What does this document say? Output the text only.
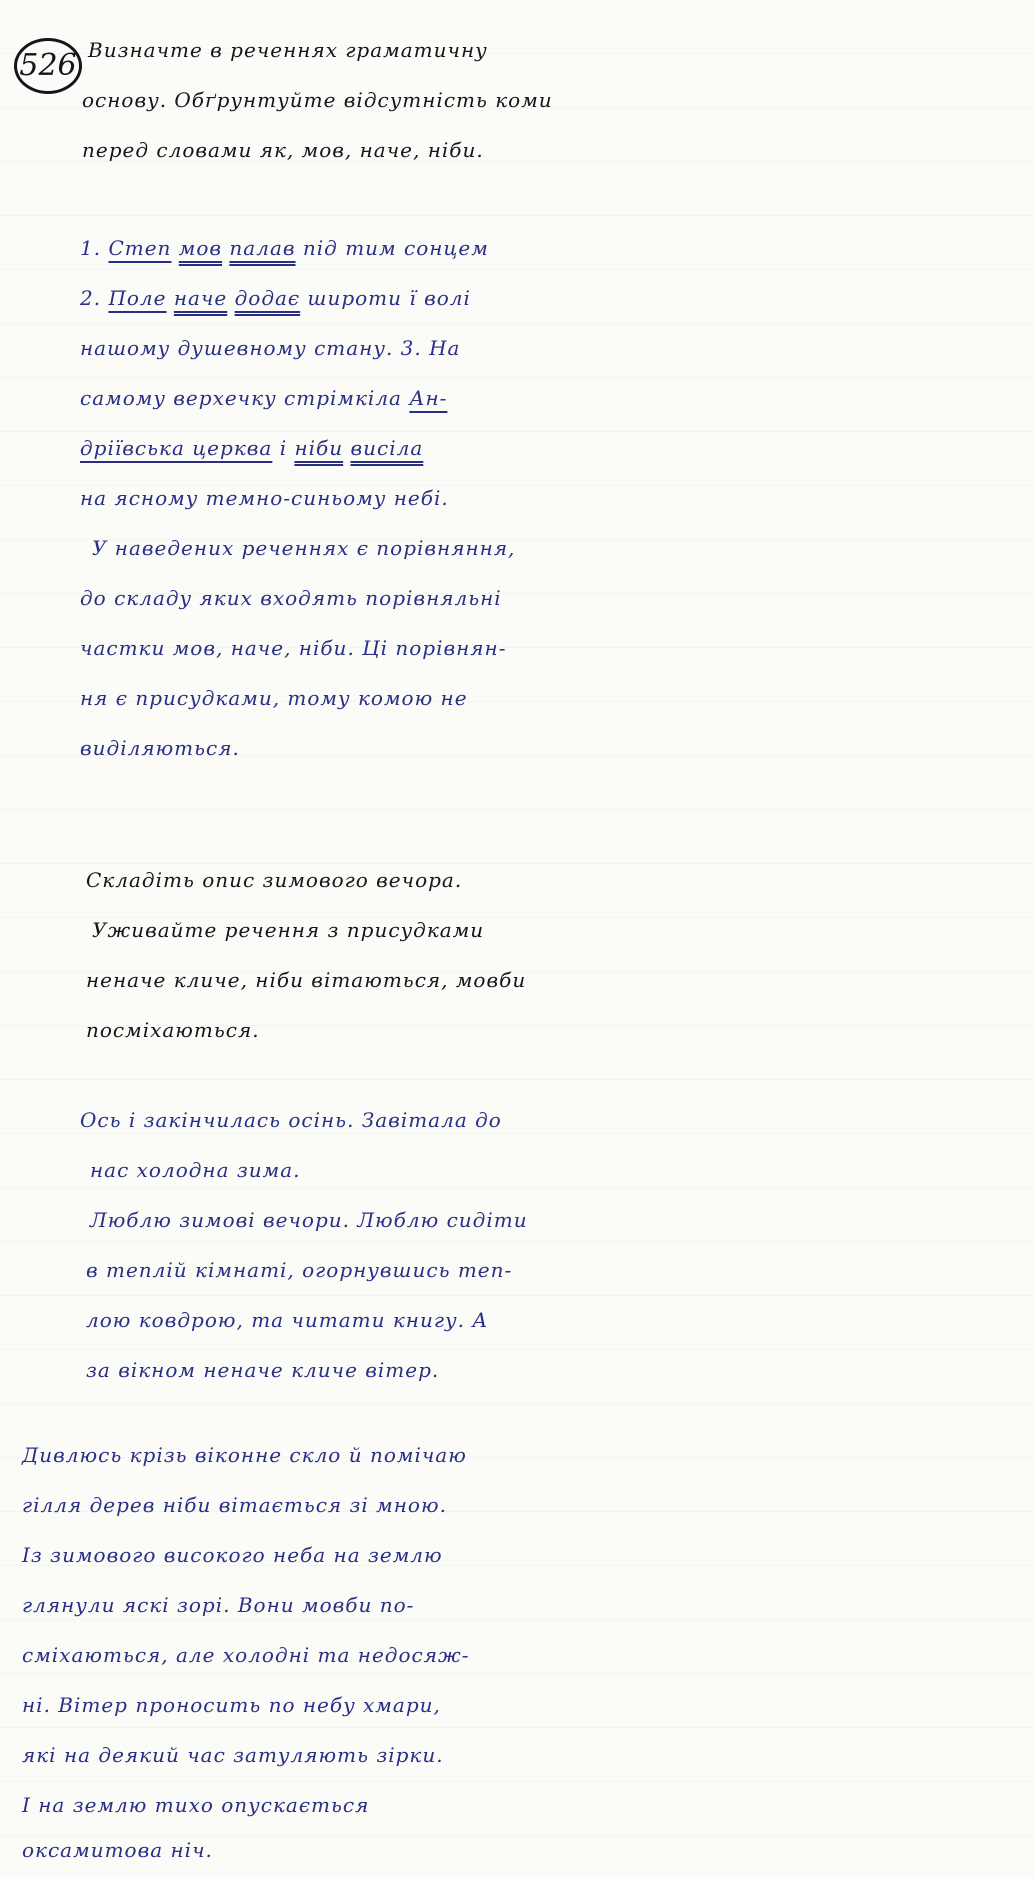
526 Визначте в реченнях граматичну
основу. Обґрунтуйте відсутність коми
перед словами як, мов, наче, ніби.
1. Степ мов палав під тим сонцем
2. Поле наче додає широти ї волі
нашому душевному стану. 3. На
самому верхечку стрімкіла Ан-
дріївська церква і ніби висіла
на ясному темно-синьому небі.
У наведених реченнях є порівняння,
до складу яких входять порівняльні
частки мов, наче, ніби. Ці порівнян-
ня є присудками, тому комою не
виділяються.
Складіть опис зимового вечора.
Уживайте речення з присудками
неначе кличе, ніби вітаються, мовби
посміхаються.
Ось і закінчилась осінь. Завітала до
нас холодна зима.
Люблю зимові вечори. Люблю сидіти
в теплій кімнаті, огорнувшись теп-
лою ковдрою, та читати книгу. А
за вікном неначе кличе вітер.
Дивлюсь крізь віконне скло й помічаю
гілля дерев ніби вітається зі мною.
Із зимового високого неба на землю
глянули яскі зорі. Вони мовби по-
сміхаються, але холодні та недосяж-
ні. Вітер проносить по небу хмари,
які на деякий час затуляють зірки.
І на землю тихо опускається
оксамитова ніч.
